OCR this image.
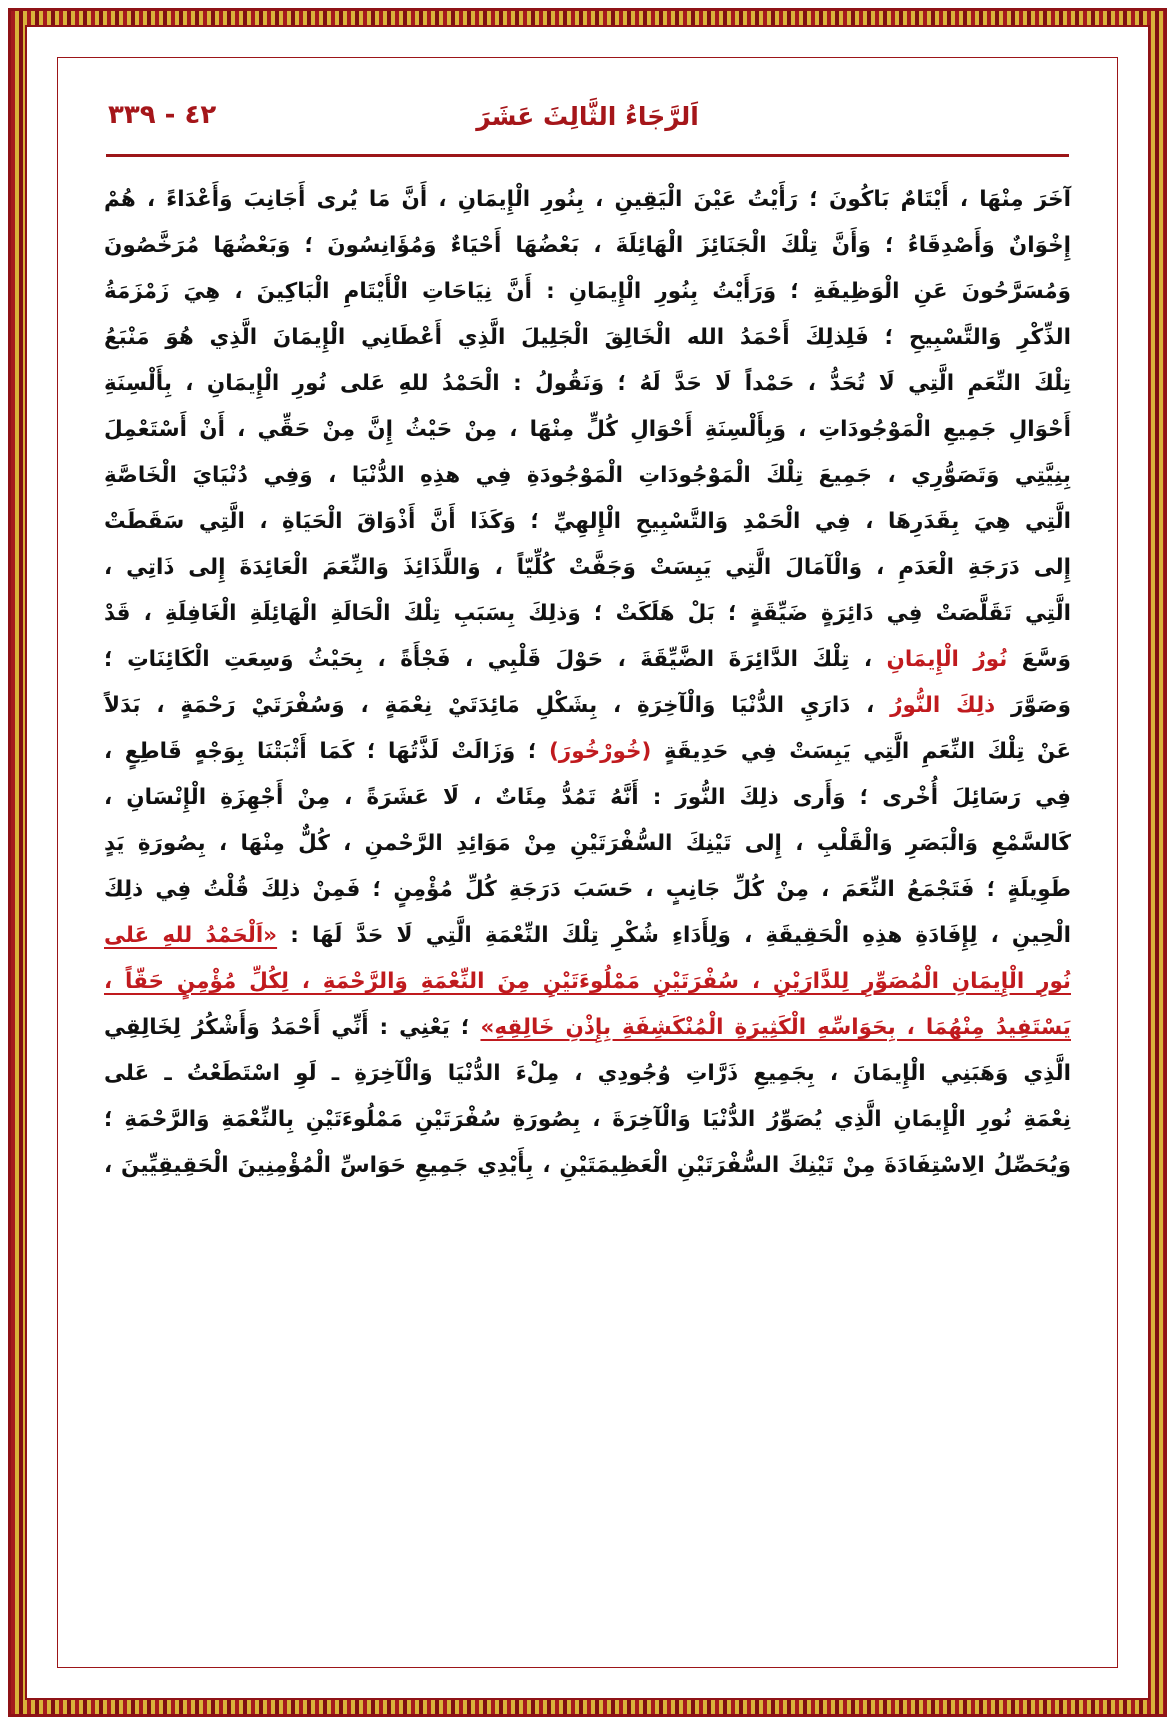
٤٢ - ٣٣٩	اَلرَّجَاءُ الثَّالِثَ عَشَرَ

آخَرَ مِنْهَا ، أَيْتَامٌ بَاكُونَ ؛ رَأَيْتُ عَيْنَ الْيَقِينِ ، بِنُورِ الْإِيمَانِ ، أَنَّ مَا يُرى أَجَانِبَ وَأَعْدَاءً ، هُمْ

إِخْوَانٌ وَأَصْدِقَاءُ ؛ وَأَنَّ تِلْكَ الْجَنَائِزَ الْهَائِلَةَ ، بَعْضُهَا أَحْيَاءٌ وَمُؤَانِسُونَ ؛ وَبَعْضُهَا مُرَخَّصُونَ

وَمُسَرَّحُونَ عَنِ الْوَظِيفَةِ ؛ وَرَأَيْتُ بِنُورِ الْإِيمَانِ : أَنَّ نِيَاحَاتِ الْأَيْتَامِ الْبَاكِينَ ، هِيَ زَمْزَمَةُ

الذِّكْرِ وَالتَّسْبِيحِ ؛ فَلِذلِكَ أَحْمَدُ الله الْخَالِقَ الْجَلِيلَ الَّذِي أَعْطَانِي الْإِيمَانَ الَّذِي هُوَ مَنْبَعُ

تِلْكَ النِّعَمِ الَّتِي لَا تُحَدُّ ، حَمْداً لَا حَدَّ لَهُ ؛ وَنَقُولُ : الْحَمْدُ للهِ عَلى نُورِ الْإِيمَانِ ، بِأَلْسِنَةِ

أَحْوَالِ جَمِيعِ الْمَوْجُودَاتِ ، وَبِأَلْسِنَةِ أَحْوَالِ كُلٍّ مِنْهَا ، مِنْ حَيْثُ إِنَّ مِنْ حَقِّي ، أَنْ أَسْتَعْمِلَ

بِنِيَّتِي وَتَصَوُّرِي ، جَمِيعَ تِلْكَ الْمَوْجُودَاتِ الْمَوْجُودَةِ فِي هذِهِ الدُّنْيَا ، وَفِي دُنْيَايَ الْخَاصَّةِ

الَّتِي هِيَ بِقَدَرِهَا ، فِي الْحَمْدِ وَالتَّسْبِيحِ الْإِلهِيِّ ؛ وَكَذَا أَنَّ أَذْوَاقَ الْحَيَاةِ ، الَّتِي سَقَطَتْ

إِلى دَرَجَةِ الْعَدَمِ ، وَالْآمَالَ الَّتِي يَبِسَتْ وَجَفَّتْ كُلِّيّاً ، وَاللَّذَائِذَ وَالنِّعَمَ الْعَائِدَةَ إِلى ذَاتِي ،

الَّتِي تَقَلَّصَتْ فِي دَائِرَةٍ ضَيِّقَةٍ ؛ بَلْ هَلَكَتْ ؛ وَذلِكَ بِسَبَبِ تِلْكَ الْحَالَةِ الْهَائِلَةِ الْغَافِلَةِ ، قَدْ

وَسَّعَ نُورُ الْإِيمَانِ ، تِلْكَ الدَّائِرَةَ الضَّيِّقَةَ ، حَوْلَ قَلْبِي ، فَجْأَةً ، بِحَيْثُ وَسِعَتِ الْكَائِنَاتِ ؛

وَصَوَّرَ ذلِكَ النُّورُ ، دَارَيِ الدُّنْيَا وَالْآخِرَةِ ، بِشَكْلِ مَائِدَتَيْ نِعْمَةٍ ، وَسُفْرَتَيْ رَحْمَةٍ ، بَدَلاً

عَنْ تِلْكَ النِّعَمِ الَّتِي يَبِسَتْ فِي حَدِيقَةٍ (خُورْخُورَ) ؛ وَزَالَتْ لَذَّتُهَا ؛ كَمَا أَثْبَتْنَا بِوَجْهٍ قَاطِعٍ ،

فِي رَسَائِلَ أُخْرى ؛ وَأَرى ذلِكَ النُّورَ : أَنَّهُ تَمُدُّ مِئَاتٌ ، لَا عَشَرَةً ، مِنْ أَجْهِزَةِ الْإِنْسَانِ ،

كَالسَّمْعِ وَالْبَصَرِ وَالْقَلْبِ ، إِلى تَيْنِكَ السُّفْرَتَيْنِ مِنْ مَوَائِدِ الرَّحْمنِ ، كُلٌّ مِنْهَا ، بِصُورَةِ يَدٍ

طَوِيلَةٍ ؛ فَتَجْمَعُ النِّعَمَ ، مِنْ كُلِّ جَانِبٍ ، حَسَبَ دَرَجَةِ كُلِّ مُؤْمِنٍ ؛ فَمِنْ ذلِكَ قُلْتُ فِي ذلِكَ

الْحِينِ ، لِإِفَادَةِ هذِهِ الْحَقِيقَةِ ، وَلِأَدَاءِ شُكْرِ تِلْكَ النِّعْمَةِ الَّتِي لَا حَدَّ لَهَا : «اَلْحَمْدُ للهِ عَلى

نُورِ الْإِيمَانِ الْمُصَوِّرِ لِلدَّارَيْنِ ، سُفْرَتَيْنِ مَمْلُوءَتَيْنِ مِنَ النِّعْمَةِ وَالرَّحْمَةِ ، لِكُلِّ مُؤْمِنٍ حَقّاً ،

يَسْتَفِيدُ مِنْهُمَا ، بِحَوَاسِّهِ الْكَثِيرَةِ الْمُنْكَشِفَةِ بِإِذْنِ خَالِقِهِ» ؛ يَعْنِي : أَنِّي أَحْمَدُ وَأَشْكُرُ لِخَالِقِي

الَّذِي وَهَبَنِي الْإِيمَانَ ، بِجَمِيعِ ذَرَّاتِ وُجُودِي ، مِلْءَ الدُّنْيَا وَالْآخِرَةِ ـ لَوِ اسْتَطَعْتُ ـ عَلى

نِعْمَةِ نُورِ الْإِيمَانِ الَّذِي يُصَوِّرُ الدُّنْيَا وَالْآخِرَةَ ، بِصُورَةِ سُفْرَتَيْنِ مَمْلُوءَتَيْنِ بِالنِّعْمَةِ وَالرَّحْمَةِ ؛

وَيُحَصِّلُ الِاسْتِفَادَةَ مِنْ تَيْنِكَ السُّفْرَتَيْنِ الْعَظِيمَتَيْنِ ، بِأَيْدِي جَمِيعِ حَوَاسِّ الْمُؤْمِنِينَ الْحَقِيقِيِّينَ ،
